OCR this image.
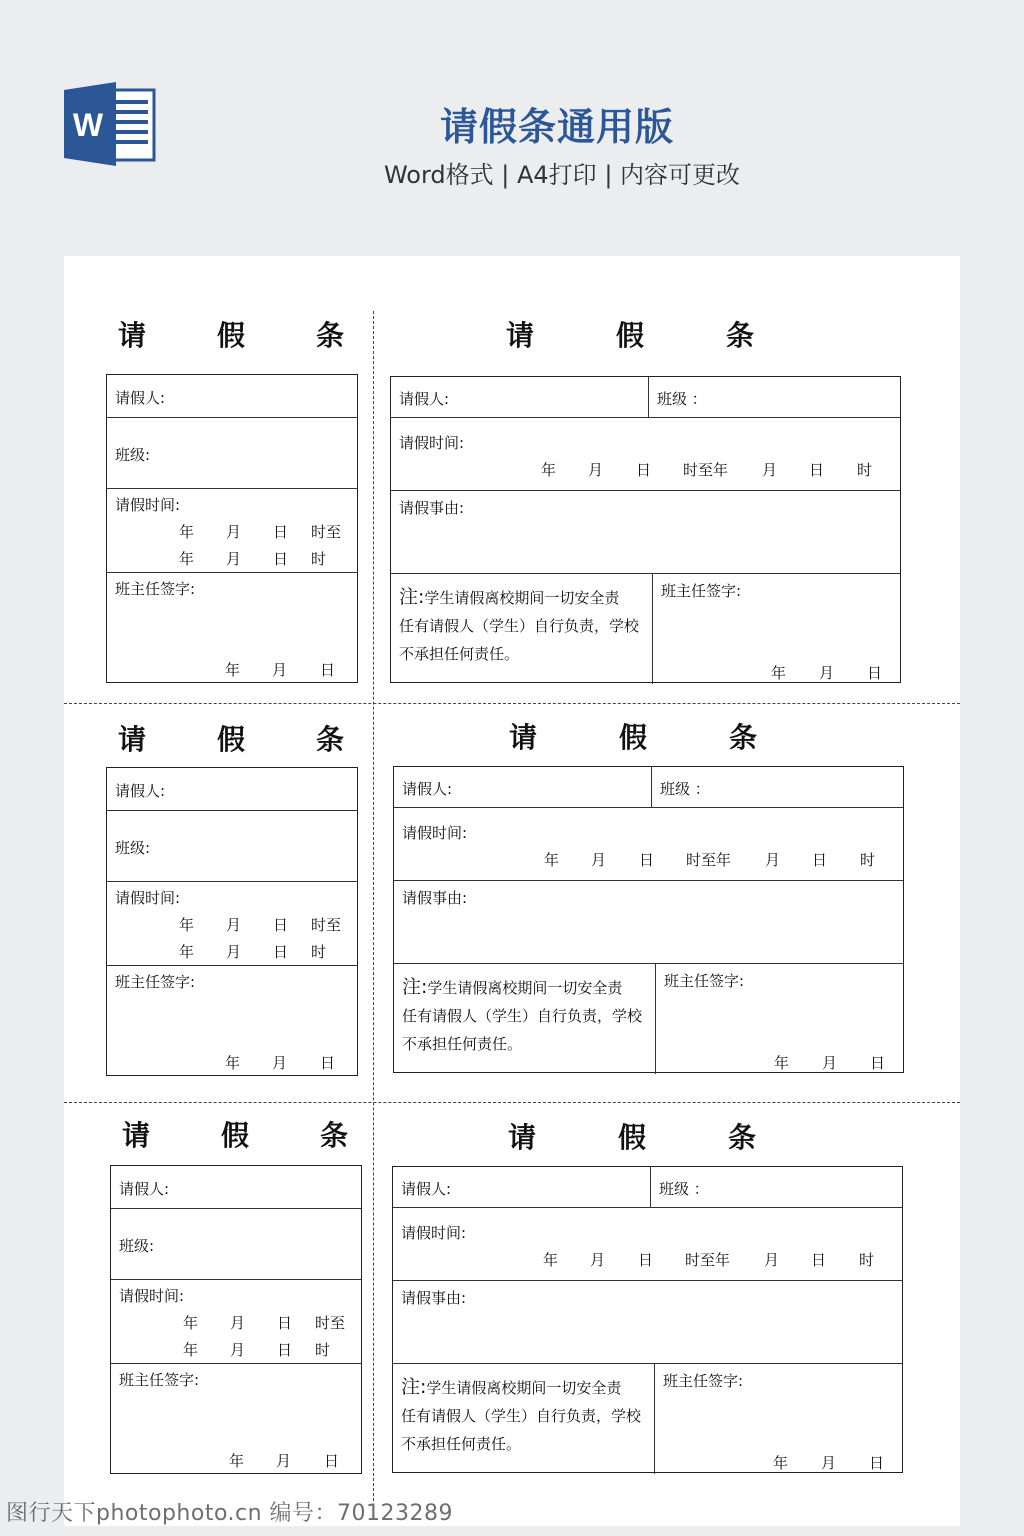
W	请假条通用版
Word格式 | A4打印 | 内容可更改
请	假	条
请假人:
班级:
请假时间:
年 月 日 时至
年 月 日 时
班主任签字:
年 月 日
请	假	条
请假人:	班级 ：
请假时间:
年 月 日 时至年 月 日 时
请假事由:
注:学生请假离校期间一切安全责
任有请假人（学生）自行负责，学校
不承担任何责任。
班主任签字:
年 月 日
请	假	条
请假人:
班级:
请假时间:
年 月 日 时至
年 月 日 时
班主任签字:
年 月 日
请	假	条
请假人:	班级 ：
请假时间:
年 月 日 时至年 月 日 时
请假事由:
注:学生请假离校期间一切安全责
任有请假人（学生）自行负责，学校
不承担任何责任。
班主任签字:
年 月 日
请	假	条
请假人:
班级:
请假时间:
年 月 日 时至
年 月 日 时
班主任签字:
年 月 日
请	假	条
请假人:	班级 ：
请假时间:
年 月 日 时至年 月 日 时
请假事由:
注:学生请假离校期间一切安全责
任有请假人（学生）自行负责，学校
不承担任何责任。
班主任签字:
年 月 日
图行天下photophoto.cn 编号：70123289
